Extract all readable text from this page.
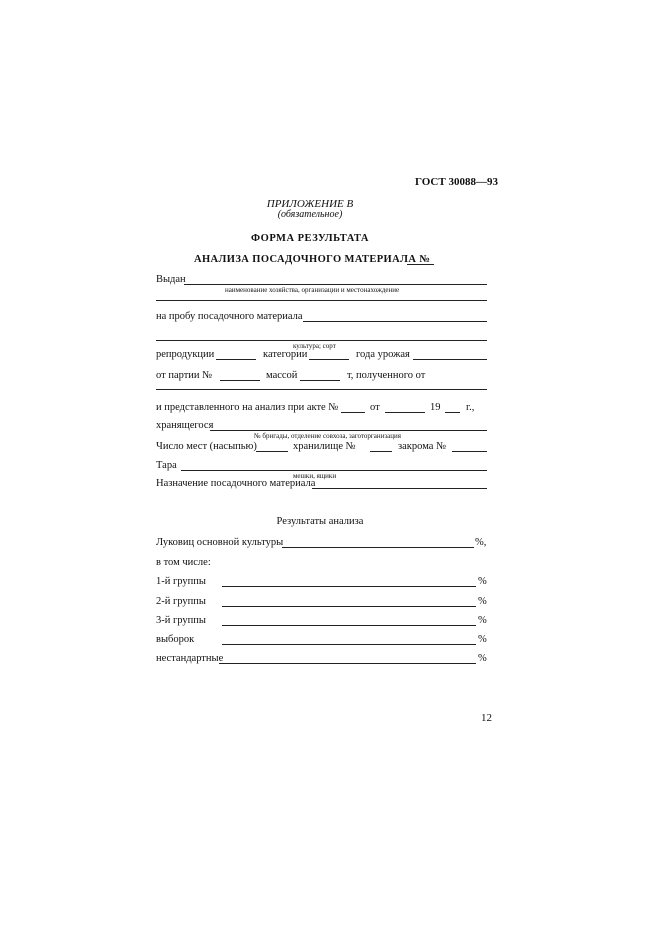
ГОСТ 30088—93
ПРИЛОЖЕНИЕ В
(обязательное)
ФОРМА РЕЗУЛЬТАТА
АНАЛИЗА ПОСАДОЧНОГО МАТЕРИАЛА №
Выдан
наименование хозяйства, организации и местонахождение
на пробу посадочного материала
культура; сорт
репродукции	категории	года урожая
от партии №	массой	т, полученного от
и представленного на анализ при акте №	от	19 г.,
хранящегося
№ бригады, отделение совхоза, заготорганизация
Число мест (насыпью)	хранилище №	закрома №
Тара
мешки, ящики
Назначение посадочного материала
Результаты анализа
Луковиц основной культуры	%,
в том числе:
1-й группы	%
2-й группы	%
3-й группы	%
выборок	%
нестандартные	%
12
